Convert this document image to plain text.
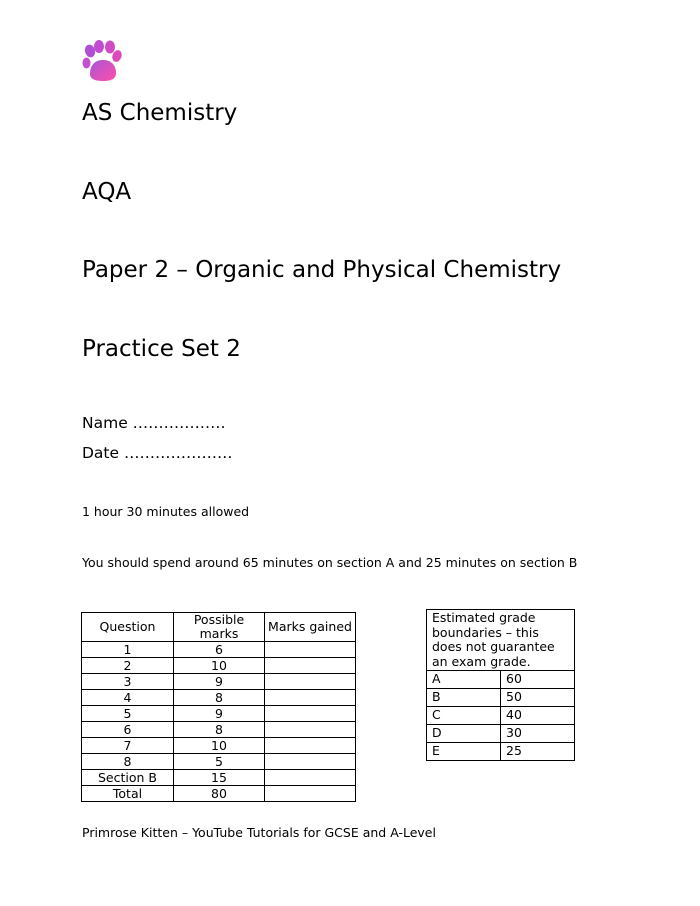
AS Chemistry
AQA
Paper 2 – Organic and Physical Chemistry
Practice Set 2
Name ………………
Date …………………
1 hour 30 minutes allowed
You should spend around 65 minutes on section A and 25 minutes on section B
Question	Possible marks	Marks gained
1	6	
2	10	
3	9	
4	8	
5	9	
6	8	
7	10	
8	5	
Section B	15	
Total	80	
Estimated grade boundaries – this does not guarantee an exam grade.	
A	60
B	50
C	40
D	30
E	25
Primrose Kitten – YouTube Tutorials for GCSE and A-Level
